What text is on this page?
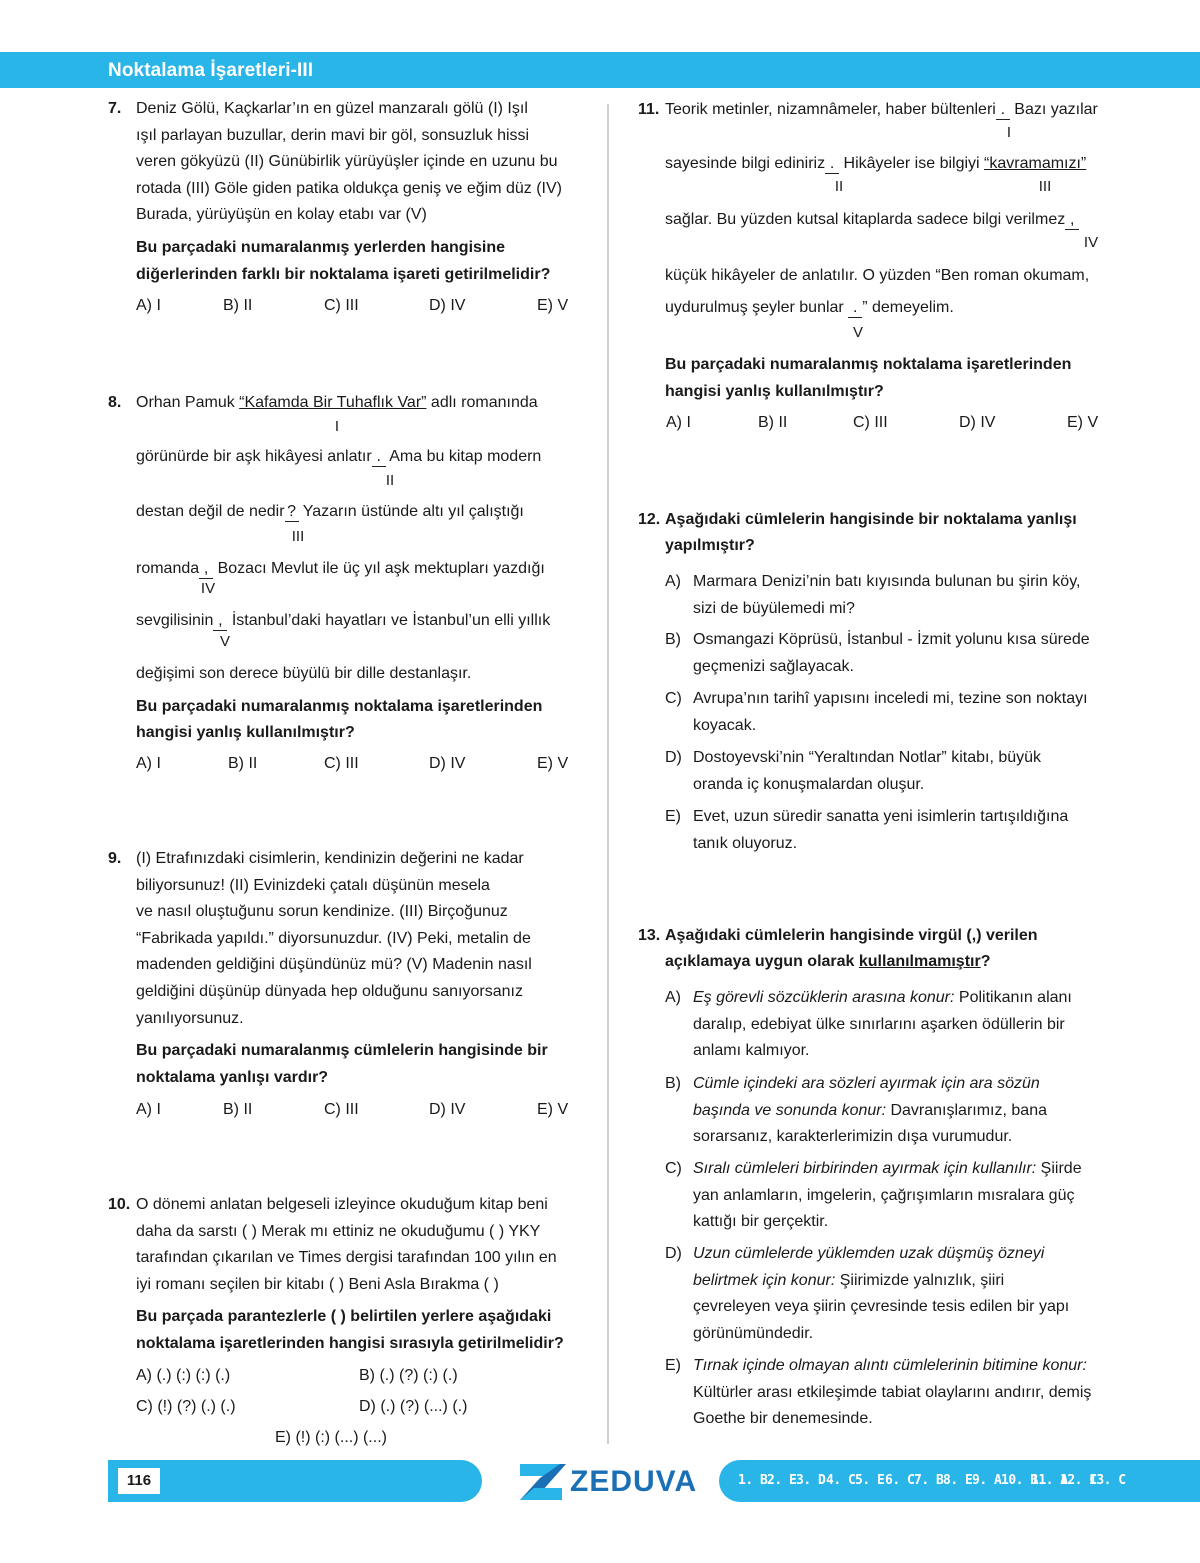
Noktalama İşaretleri-III
7. Deniz Gölü, Kaçkarlar’ın en güzel manzaralı gölü (I) Işıl
ışıl parlayan buzullar, derin mavi bir göl, sonsuzluk hissi
veren gökyüzü (II) Günübirlik yürüyüşler içinde en uzunu bu
rotada (III) Göle giden patika oldukça geniş ve eğim düz (IV)
Burada, yürüyüşün en kolay etabı var (V)
Bu parçadaki numaralanmış yerlerden hangisine
diğerlerinden farklı bir noktalama işareti getirilmelidir?
A) I	B) II	C) III	D) IV	E) V
8. Orhan Pamuk “Kafamda Bir Tuhaflık Var” adlı romanında
I
görünürde bir aşk hikâyesi anlatır . Ama bu kitap modern
II
destan değil de nedir ? Yazarın üstünde altı yıl çalıştığı
III
romanda , Bozacı Mevlut ile üç yıl aşk mektupları yazdığı
IV
sevgilisinin , İstanbul’daki hayatları ve İstanbul’un elli yıllık
V
değişimi son derece büyülü bir dille destanlaşır.
Bu parçadaki numaralanmış noktalama işaretlerinden
hangisi yanlış kullanılmıştır?
A) I	B) II	C) III	D) IV	E) V
9. (I) Etrafınızdaki cisimlerin, kendinizin değerini ne kadar
biliyorsunuz! (II) Evinizdeki çatalı düşünün mesela
ve nasıl oluştuğunu sorun kendinize. (III) Birçoğunuz
“Fabrikada yapıldı.” diyorsunuzdur. (IV) Peki, metalin de
madenden geldiğini düşündünüz mü? (V) Madenin nasıl
geldiğini düşünüp dünyada hep olduğunu sanıyorsanız
yanılıyorsunuz.
Bu parçadaki numaralanmış cümlelerin hangisinde bir
noktalama yanlışı vardır?
A) I	B) II	C) III	D) IV	E) V
10. O dönemi anlatan belgeseli izleyince okuduğum kitap beni
daha da sarstı ( ) Merak mı ettiniz ne okuduğumu ( ) YKY
tarafından çıkarılan ve Times dergisi tarafından 100 yılın en
iyi romanı seçilen bir kitabı ( ) Beni Asla Bırakma ( )
Bu parçada parantezlerle ( ) belirtilen yerlere aşağıdaki
noktalama işaretlerinden hangisi sırasıyla getirilmelidir?
A) (.) (:) (:) (.)	B) (.) (?) (:) (.)
C) (!) (?) (.) (.)	D) (.) (?) (...) (.)
E) (!) (:) (...) (...)
11. Teorik metinler, nizamnâmeler, haber bültenleri . Bazı yazılar
I
sayesinde bilgi ediniriz . Hikâyeler ise bilgiyi “kavramamızı”
II	III
sağlar. Bu yüzden kutsal kitaplarda sadece bilgi verilmez ,
IV
küçük hikâyeler de anlatılır. O yüzden “Ben roman okumam,
uydurulmuş şeyler bunlar . ” demeyelim.
V
Bu parçadaki numaralanmış noktalama işaretlerinden
hangisi yanlış kullanılmıştır?
A) I	B) II	C) III	D) IV	E) V
12. Aşağıdaki cümlelerin hangisinde bir noktalama yanlışı
yapılmıştır?
A) Marmara Denizi’nin batı kıyısında bulunan bu şirin köy,
sizi de büyülemedi mi?
B) Osmangazi Köprüsü, İstanbul - İzmit yolunu kısa sürede
geçmenizi sağlayacak.
C) Avrupa’nın tarihî yapısını inceledi mi, tezine son noktayı
koyacak.
D) Dostoyevski’nin “Yeraltından Notlar” kitabı, büyük
oranda iç konuşmalardan oluşur.
E) Evet, uzun süredir sanatta yeni isimlerin tartışıldığına
tanık oluyoruz.
13. Aşağıdaki cümlelerin hangisinde virgül (,) verilen
açıklamaya uygun olarak kullanılmamıştır?
A) Eş görevli sözcüklerin arasına konur: Politikanın alanı
daralıp, edebiyat ülke sınırlarını aşarken ödüllerin bir
anlamı kalmıyor.
B) Cümle içindeki ara sözleri ayırmak için ara sözün
başında ve sonunda konur: Davranışlarımız, bana
sorarsanız, karakterlerimizin dışa vurumudur.
C) Sıralı cümleleri birbirinden ayırmak için kullanılır: Şiirde
yan anlamların, imgelerin, çağrışımların mısralara güç
kattığı bir gerçektir.
D) Uzun cümlelerde yüklemden uzak düşmüş özneyi
belirtmek için konur: Şiirimizde yalnızlık, şiiri
çevreleyen veya şiirin çevresinde tesis edilen bir yapı
görünümündedir.
E) Tırnak içinde olmayan alıntı cümlelerinin bitimine konur:
Kültürler arası etkileşimde tabiat olaylarını andırır, demiş
Goethe bir denemesinde.
116	ZEDUVA	1. B 2. E 3. D 4. C 5. E 6. C 7. B 8. E 9. A 10. B
11. A
12. C
13. C
